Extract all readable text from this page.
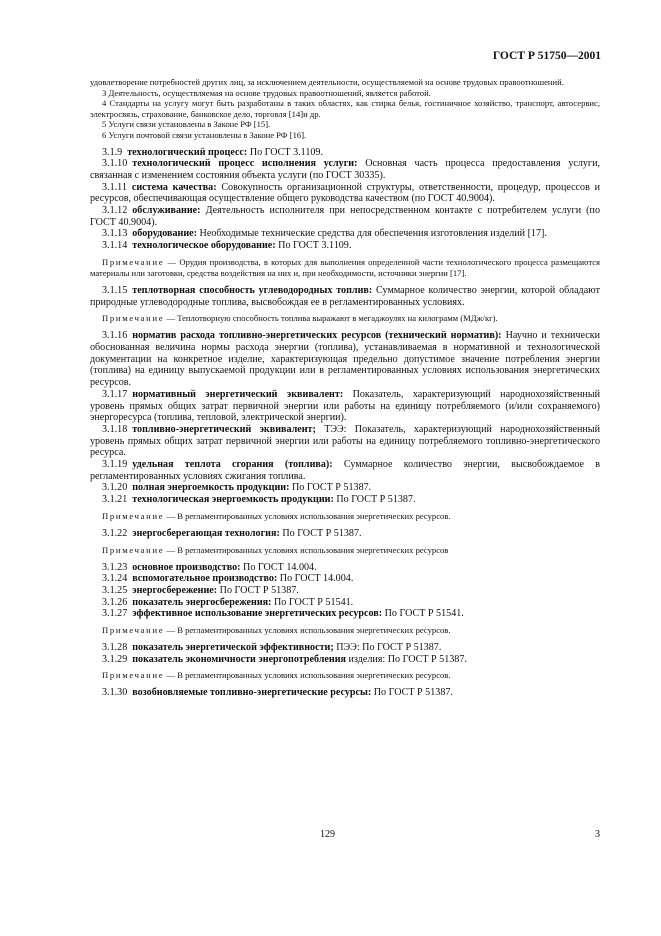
ГОСТ Р 51750—2001

удовлетворение потребностей других лиц, за исключением деятельности, осуществляемой на основе трудовых правоотношений.

3 Деятельность, осуществляемая на основе трудовых правоотношений, является работой.

4 Стандарты на услугу могут быть разработаны в таких областях, как стирка белья, гостиничное хозяйство, транспорт, автосервис, электросвязь, страхование, банковское дело, торговля [14]и др.

5 Услуги связи установлены в Законе РФ [15].

6 Услуги почтовой связи установлены в Законе РФ [16].

3.1.9 технологический процесс: По ГОСТ 3.1109.

3.1.10 технологический процесс исполнения услуги: Основная часть процесса предоставления услуги, связанная с изменением состояния объекта услуги (по ГОСТ 30335).

3.1.11 система качества: Совокупность организационной структуры, ответственности, процедур, процессов и ресурсов, обеспечивающая осуществление общего руководства качеством (по ГОСТ 40.9004).

3.1.12 обслуживание: Деятельность исполнителя при непосредственном контакте с потребителем услуги (по ГОСТ 40.9004).

3.1.13 оборудование: Необходимые технические средства для обеспечения изготовления изделий [17].

3.1.14 технологическое оборудование: По ГОСТ 3.1109.

Примечание — Орудия производства, в которых для выполнения определенной части технологического процесса размещаются материалы или заготовки, средства воздействия на них и, при необходимости, источники энергии [17].

3.1.15 теплотворная способность углеводородных топлив: Суммарное количество энергии, которой обладают природные углеводородные топлива, высвобождая ее в регламентированных условиях.

Примечание — Теплотворную способность топлива выражают в мегаджоулях на килограмм (МДж/кг).

3.1.16 норматив расхода топливно-энергетических ресурсов (технический норматив): Научно и технически обоснованная величина нормы расхода энергии (топлива), устанавливаемая в нормативной и технологической документации на конкретное изделие, характеризующая предельно допустимое значение потребления энергии (топлива) на единицу выпускаемой продукции или в регламентированных условиях использования энергетических ресурсов.

3.1.17 нормативный энергетический эквивалент: Показатель, характеризующий народнохозяйственный уровень прямых общих затрат первичной энергии или работы на единицу потребляемого (и/или сохраняемого) энергоресурса (топлива, тепловой, электрической энергии).

3.1.18 топливно-энергетический эквивалент; ТЭЭ: Показатель, характеризующий народнохозяйственный уровень прямых общих затрат первичной энергии или работы на единицу потребляемого топливно-энергетического ресурса.

3.1.19 удельная теплота сгорания (топлива): Суммарное количество энергии, высвобождаемое в регламентированных условиях сжигания топлива.

3.1.20 полная энергоемкость продукции: По ГОСТ Р 51387.

3.1.21 технологическая энергоемкость продукции: По ГОСТ Р 51387.

Примечание — В регламентированных условиях использования энергетических ресурсов.

3.1.22 энергосберегающая технология: По ГОСТ Р 51387.

Примечание — В регламентированных условиях использования энергетических ресурсов

3.1.23 основное производство: По ГОСТ 14.004.

3.1.24 вспомогательное производство: По ГОСТ 14.004.

3.1.25 энергосбережение: По ГОСТ Р 51387.

3.1.26 показатель энергосбережения: По ГОСТ Р 51541.

3.1.27 эффективное использование энергетических ресурсов: По ГОСТ Р 51541.

Примечание — В регламентированных условиях использования энергетических ресурсов.

3.1.28 показатель энергетической эффективности; ПЭЭ: По ГОСТ Р 51387.

3.1.29 показатель экономичности энергопотребления изделия: По ГОСТ Р 51387.

Примечание — В регламентированных условиях использования энергетических ресурсов.

3.1.30 возобновляемые топливно-энергетические ресурсы: По ГОСТ Р 51387.

129	3
